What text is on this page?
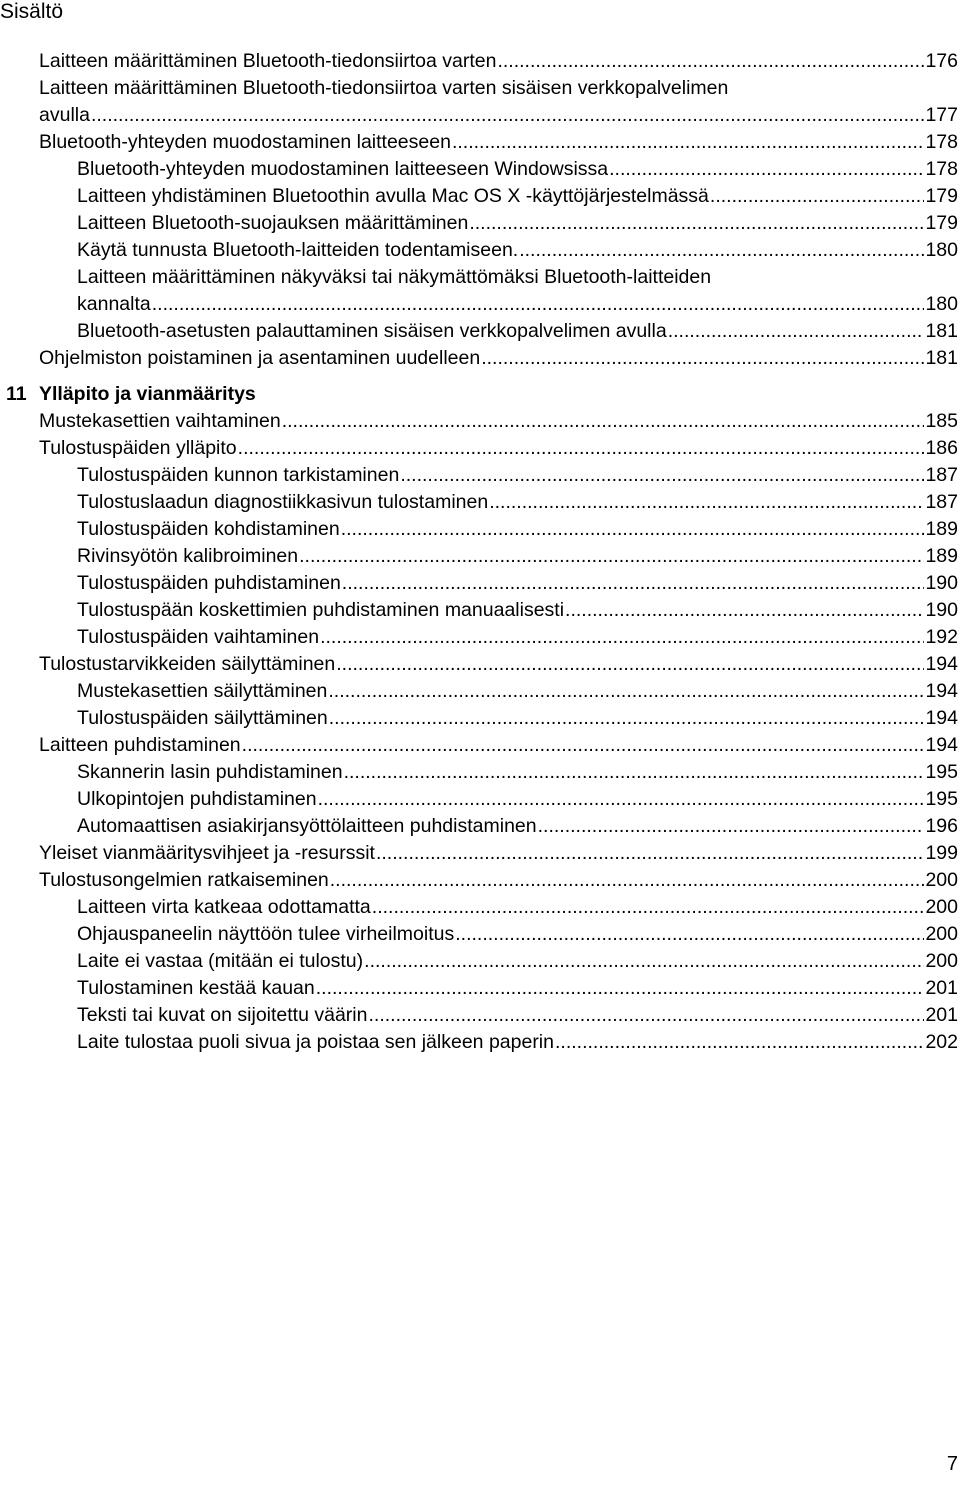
Sisältö
Laitteen määrittäminen Bluetooth-tiedonsiirtoa varten .....	176
Laitteen määrittäminen Bluetooth-tiedonsiirtoa varten sisäisen verkkopalvelimen
avulla .....	177
Bluetooth-yhteyden muodostaminen laitteeseen .....	178
Bluetooth-yhteyden muodostaminen laitteeseen Windowsissa .....	178
Laitteen yhdistäminen Bluetoothin avulla Mac OS X -käyttöjärjestelmässä .....	179
Laitteen Bluetooth-suojauksen määrittäminen .....	179
Käytä tunnusta Bluetooth-laitteiden todentamiseen. .....	180
Laitteen määrittäminen näkyväksi tai näkymättömäksi Bluetooth-laitteiden
kannalta .....	180
Bluetooth-asetusten palauttaminen sisäisen verkkopalvelimen avulla .....	181
Ohjelmiston poistaminen ja asentaminen uudelleen .....	181
11 Ylläpito ja vianmääritys
Mustekasettien vaihtaminen .....	185
Tulostuspäiden ylläpito .....	186
Tulostuspäiden kunnon tarkistaminen .....	187
Tulostuslaadun diagnostiikkasivun tulostaminen .....	187
Tulostuspäiden kohdistaminen .....	189
Rivinsyötön kalibroiminen .....	189
Tulostuspäiden puhdistaminen .....	190
Tulostuspään koskettimien puhdistaminen manuaalisesti .....	190
Tulostuspäiden vaihtaminen .....	192
Tulostustarvikkeiden säilyttäminen .....	194
Mustekasettien säilyttäminen .....	194
Tulostuspäiden säilyttäminen .....	194
Laitteen puhdistaminen .....	194
Skannerin lasin puhdistaminen .....	195
Ulkopintojen puhdistaminen .....	195
Automaattisen asiakirjansyöttölaitteen puhdistaminen .....	196
Yleiset vianmääritysvihjeet ja -resurssit .....	199
Tulostusongelmien ratkaiseminen .....	200
Laitteen virta katkeaa odottamatta .....	200
Ohjauspaneelin näyttöön tulee virheilmoitus .....	200
Laite ei vastaa (mitään ei tulostu) .....	200
Tulostaminen kestää kauan .....	201
Teksti tai kuvat on sijoitettu väärin .....	201
Laite tulostaa puoli sivua ja poistaa sen jälkeen paperin .....	202
7
